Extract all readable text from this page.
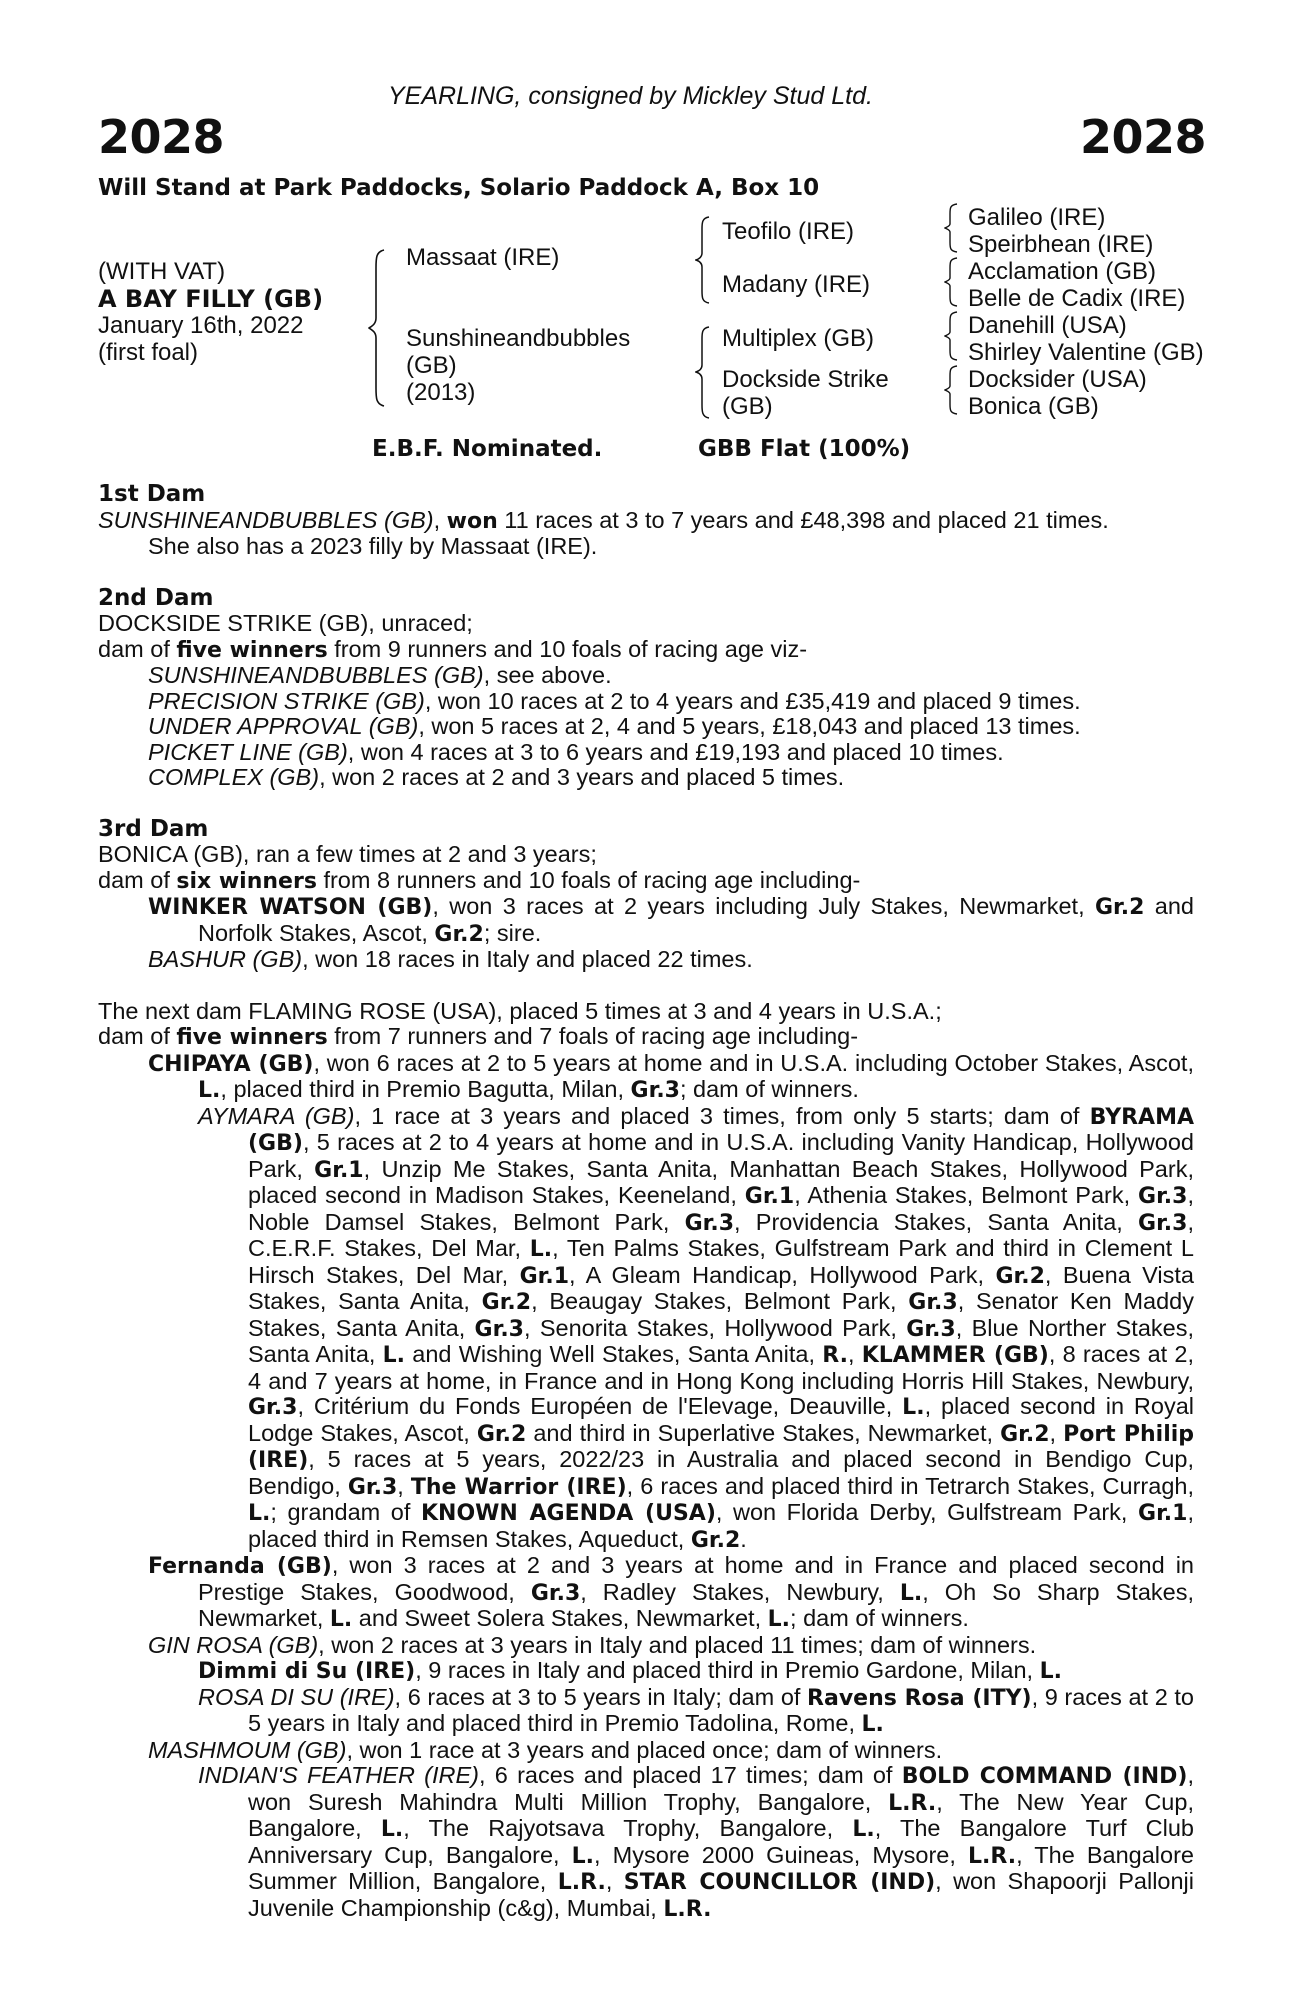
YEARLING, consigned by Mickley Stud Ltd.
2028	2028
Will Stand at Park Paddocks, Solario Paddock A, Box 10
(WITH VAT)
A BAY FILLY (GB)
January 16th, 2022
(first foal)
Massaat (IRE)
Sunshineandbubbles
(GB)
(2013)
Teofilo (IRE)
Madany (IRE)
Multiplex (GB)
Dockside Strike
(GB)
Galileo (IRE)
Speirbhean (IRE)
Acclamation (GB)
Belle de Cadix (IRE)
Danehill (USA)
Shirley Valentine (GB)
Docksider (USA)
Bonica (GB)
E.B.F. Nominated.	GBB Flat (100%)

1st Dam

SUNSHINEANDBUBBLES (GB), won 11 races at 3 to 7 years and £48,398 and placed 21 times.

She also has a 2023 filly by Massaat (IRE).

2nd Dam

DOCKSIDE STRIKE (GB), unraced;

dam of five winners from 9 runners and 10 foals of racing age viz-

SUNSHINEANDBUBBLES (GB), see above.

PRECISION STRIKE (GB), won 10 races at 2 to 4 years and £35,419 and placed 9 times.

UNDER APPROVAL (GB), won 5 races at 2, 4 and 5 years, £18,043 and placed 13 times.

PICKET LINE (GB), won 4 races at 3 to 6 years and £19,193 and placed 10 times.

COMPLEX (GB), won 2 races at 2 and 3 years and placed 5 times.

3rd Dam

BONICA (GB), ran a few times at 2 and 3 years;

dam of six winners from 8 runners and 10 foals of racing age including-

WINKER WATSON (GB), won 3 races at 2 years including July Stakes, Newmarket, Gr.2 and Norfolk Stakes, Ascot, Gr.2; sire.

BASHUR (GB), won 18 races in Italy and placed 22 times.

The next dam FLAMING ROSE (USA), placed 5 times at 3 and 4 years in U.S.A.;

dam of five winners from 7 runners and 7 foals of racing age including-

CHIPAYA (GB), won 6 races at 2 to 5 years at home and in U.S.A. including October Stakes, Ascot, L., placed third in Premio Bagutta, Milan, Gr.3; dam of winners.

AYMARA (GB), 1 race at 3 years and placed 3 times, from only 5 starts; dam of BYRAMA (GB), 5 races at 2 to 4 years at home and in U.S.A. including Vanity Handicap, Hollywood Park, Gr.1, Unzip Me Stakes, Santa Anita, Manhattan Beach Stakes, Hollywood Park, placed second in Madison Stakes, Keeneland, Gr.1, Athenia Stakes, Belmont Park, Gr.3, Noble Damsel Stakes, Belmont Park, Gr.3, Providencia Stakes, Santa Anita, Gr.3, C.E.R.F. Stakes, Del Mar, L., Ten Palms Stakes, Gulfstream Park and third in Clement L Hirsch Stakes, Del Mar, Gr.1, A Gleam Handicap, Hollywood Park, Gr.2, Buena Vista Stakes, Santa Anita, Gr.2, Beaugay Stakes, Belmont Park, Gr.3, Senator Ken Maddy Stakes, Santa Anita, Gr.3, Senorita Stakes, Hollywood Park, Gr.3, Blue Norther Stakes, Santa Anita, L. and Wishing Well Stakes, Santa Anita, R., KLAMMER (GB), 8 races at 2, 4 and 7 years at home, in France and in Hong Kong including Horris Hill Stakes, Newbury, Gr.3, Critérium du Fonds Européen de l'Elevage, Deauville, L., placed second in Royal Lodge Stakes, Ascot, Gr.2 and third in Superlative Stakes, Newmarket, Gr.2, Port Philip (IRE), 5 races at 5 years, 2022/23 in Australia and placed second in Bendigo Cup, Bendigo, Gr.3, The Warrior (IRE), 6 races and placed third in Tetrarch Stakes, Curragh, L.; grandam of KNOWN AGENDA (USA), won Florida Derby, Gulfstream Park, Gr.1, placed third in Remsen Stakes, Aqueduct, Gr.2.

Fernanda (GB), won 3 races at 2 and 3 years at home and in France and placed second in Prestige Stakes, Goodwood, Gr.3, Radley Stakes, Newbury, L., Oh So Sharp Stakes, Newmarket, L. and Sweet Solera Stakes, Newmarket, L.; dam of winners.

GIN ROSA (GB), won 2 races at 3 years in Italy and placed 11 times; dam of winners.

Dimmi di Su (IRE), 9 races in Italy and placed third in Premio Gardone, Milan, L.

ROSA DI SU (IRE), 6 races at 3 to 5 years in Italy; dam of Ravens Rosa (ITY), 9 races at 2 to 5 years in Italy and placed third in Premio Tadolina, Rome, L.

MASHMOUM (GB), won 1 race at 3 years and placed once; dam of winners.

INDIAN'S FEATHER (IRE), 6 races and placed 17 times; dam of BOLD COMMAND (IND), won Suresh Mahindra Multi Million Trophy, Bangalore, L.R., The New Year Cup, Bangalore, L., The Rajyotsava Trophy, Bangalore, L., The Bangalore Turf Club Anniversary Cup, Bangalore, L., Mysore 2000 Guineas, Mysore, L.R., The Bangalore Summer Million, Bangalore, L.R., STAR COUNCILLOR (IND), won Shapoorji Pallonji Juvenile Championship (c&g), Mumbai, L.R.
